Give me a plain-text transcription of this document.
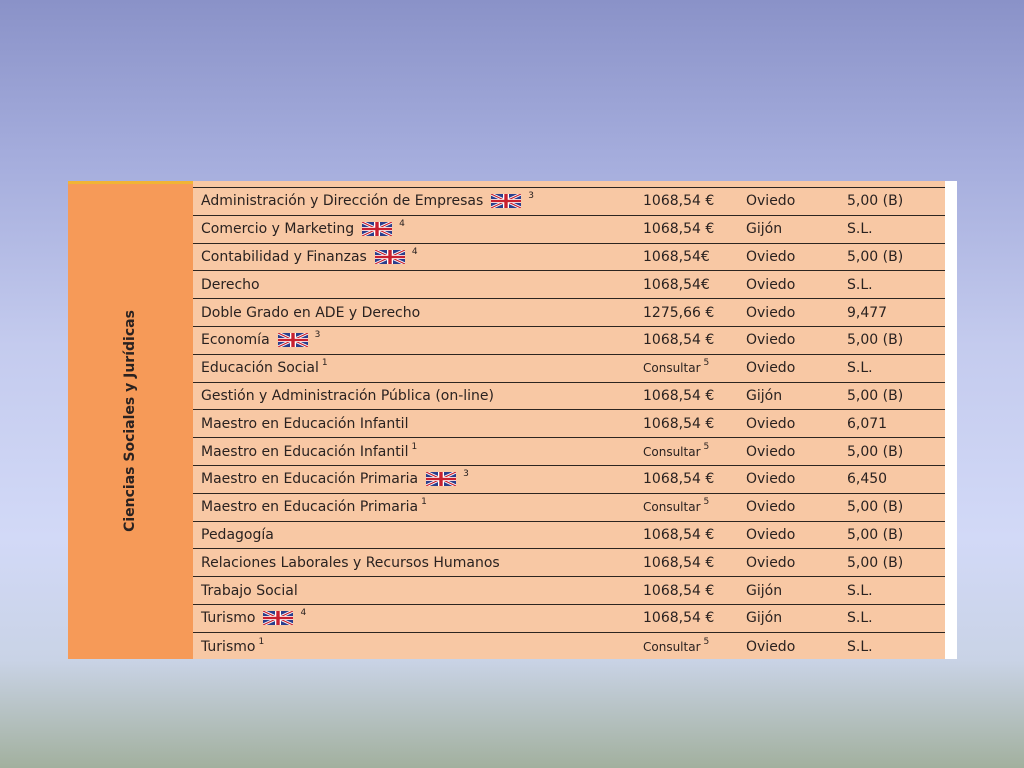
Ciencias Sociales y Jurídicas
Administración y Dirección de Empresas	3	1068,54 € Oviedo	5,00 (B)
Comercio y Marketing	4	1068,54 € Gijón	S.L.
Contabilidad y Finanzas	4	1068,54€	Oviedo	5,00 (B)
Derecho	1068,54€	Oviedo	S.L.
Doble Grado en ADE y Derecho	1275,66 € Oviedo	9,477
Economía	3	1068,54 € Oviedo	5,00 (B)
Educación Social 1	Consultar 5	Oviedo	S.L.
Gestión y Administración Pública (on-line)	1068,54 € Gijón	5,00 (B)
Maestro en Educación Infantil	1068,54 € Oviedo	6,071
Maestro en Educación Infantil 1	Consultar 5	Oviedo	5,00 (B)
Maestro en Educación Primaria	3	1068,54 € Oviedo	6,450
Maestro en Educación Primaria 1	Consultar 5	Oviedo	5,00 (B)
Pedagogía	1068,54 € Oviedo	5,00 (B)
Relaciones Laborales y Recursos Humanos	1068,54 € Oviedo	5,00 (B)
Trabajo Social	1068,54 € Gijón	S.L.
Turismo	4	1068,54 € Gijón	S.L.
Turismo 1	Consultar 5	Oviedo	S.L.
